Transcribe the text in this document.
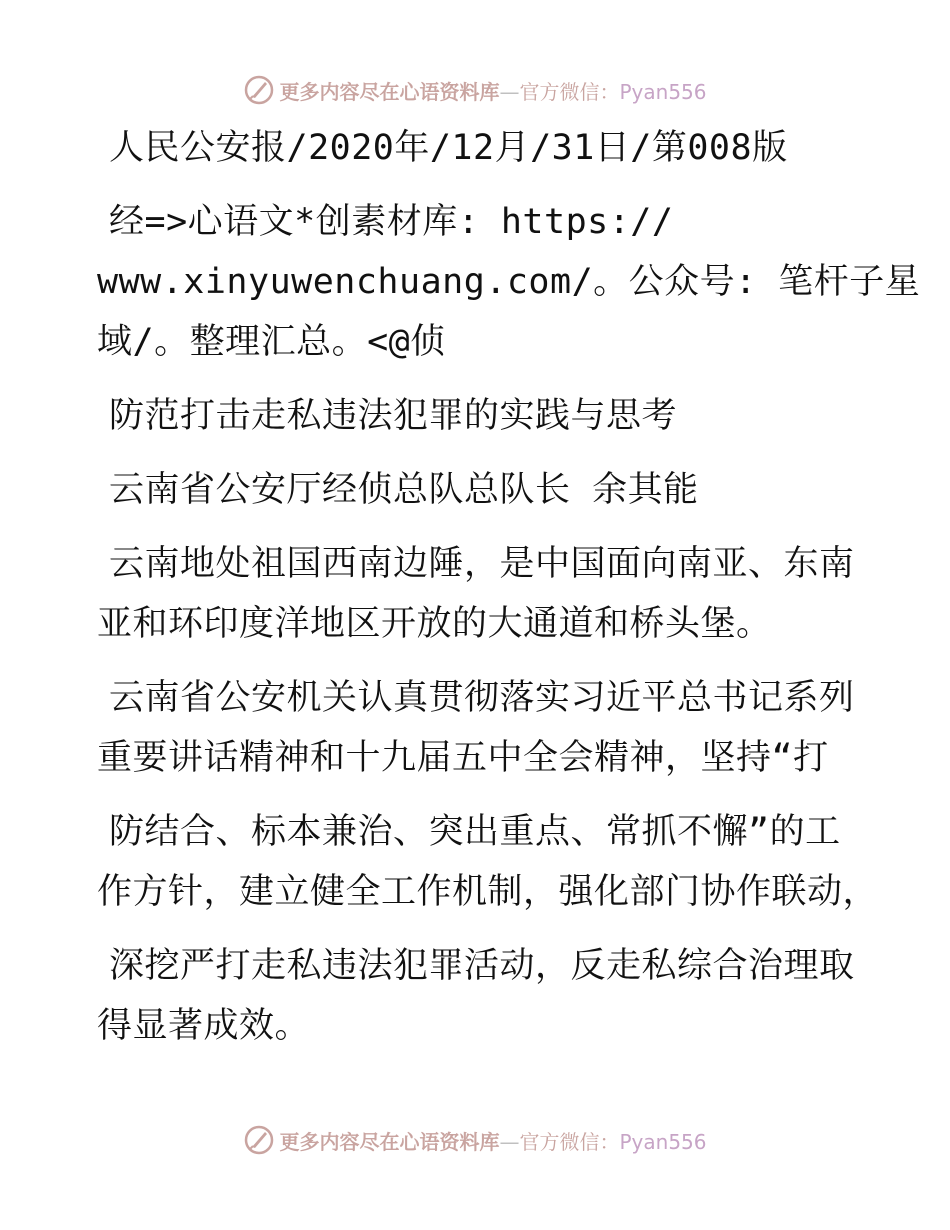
更多内容尽在心语资料库—官方微信：Pyan556
人民公安报/2020年/12月/31日/第008版
经=>心语文*创素材库: https://
www.xinyuwenchuang.com/。公众号: 笔杆子星
域/。整理汇总。<@侦
防范打击走私违法犯罪的实践与思考
云南省公安厅经侦总队总队长 余其能
云南地处祖国西南边陲，是中国面向南亚、东南
亚和环印度洋地区开放的大通道和桥头堡。
云南省公安机关认真贯彻落实习近平总书记系列
重要讲话精神和十九届五中全会精神，坚持“打
防结合、标本兼治、突出重点、常抓不懈”的工
作方针，建立健全工作机制，强化部门协作联动，
深挖严打走私违法犯罪活动，反走私综合治理取
得显著成效。
更多内容尽在心语资料库—官方微信：Pyan556
